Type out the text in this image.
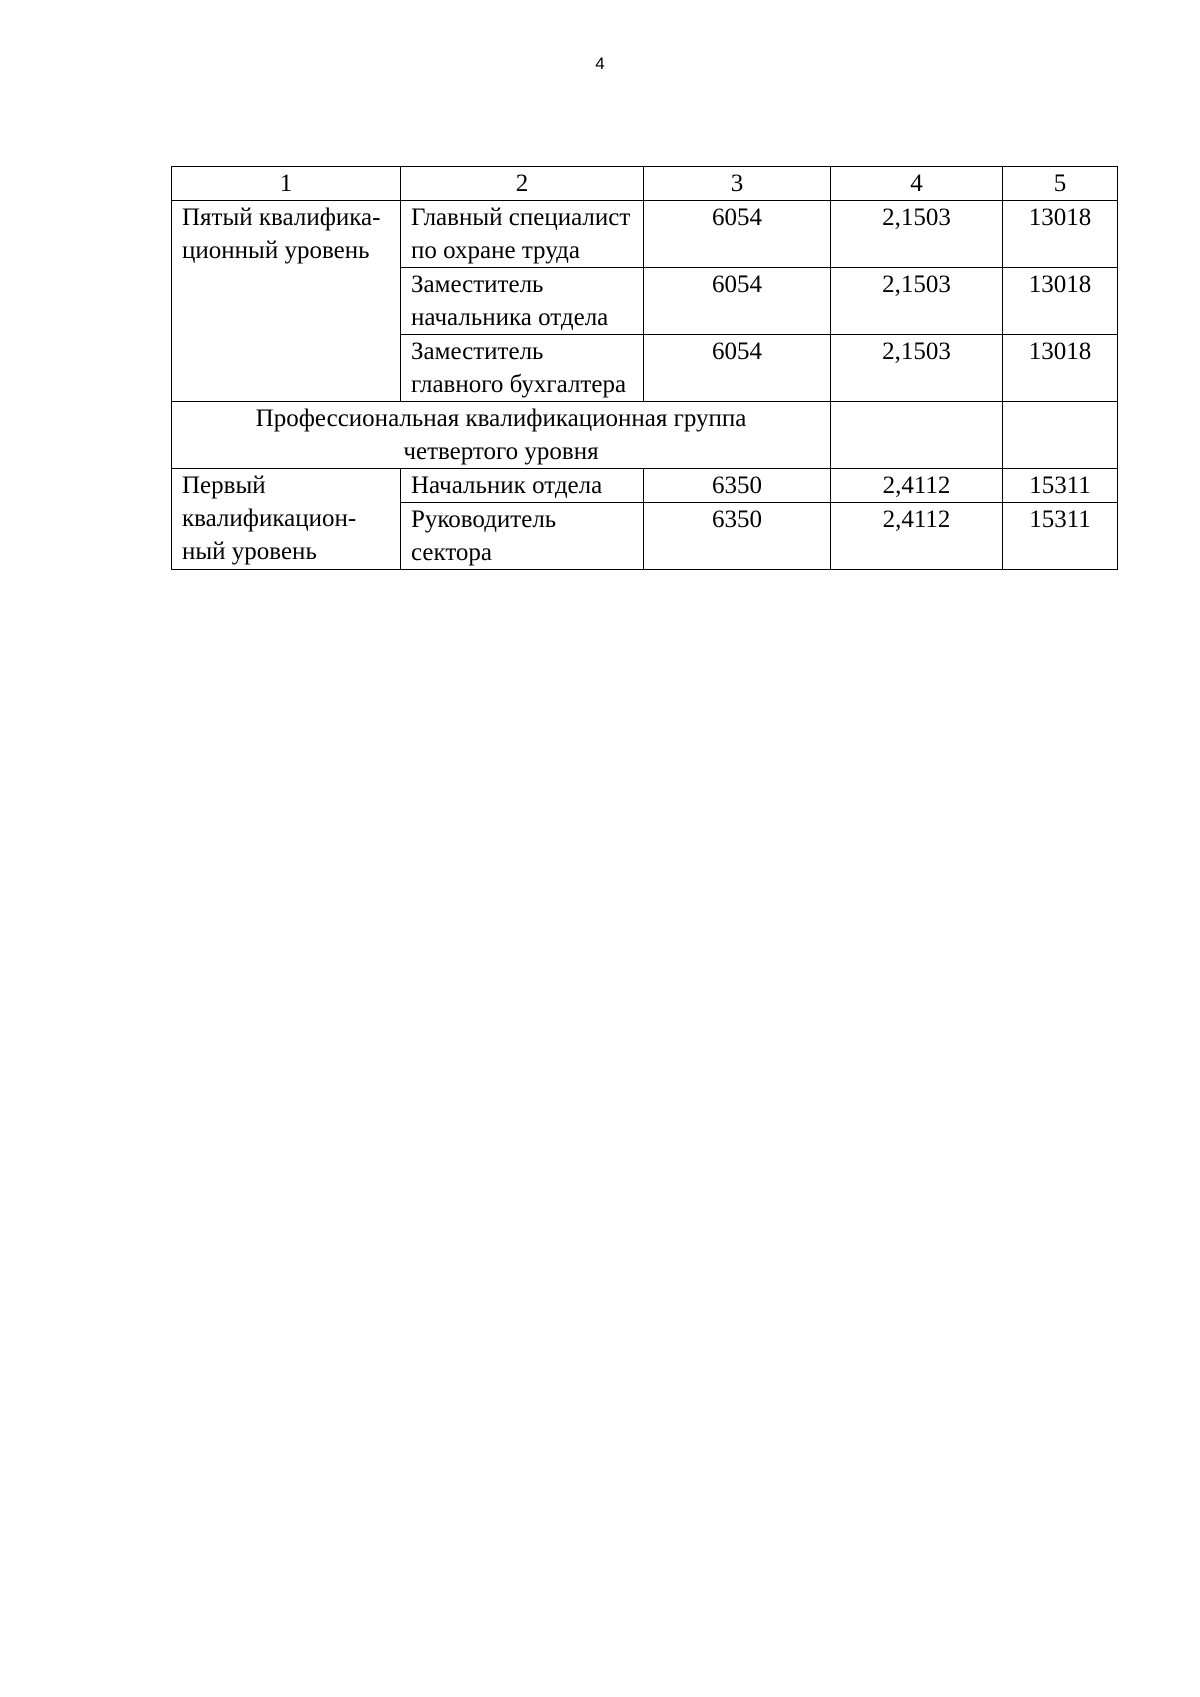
4
1	2	3	4	5
Пятый квалифика-ционный уровень	Главный специалист по охране труда	6054	2,1503	13018
	Заместитель начальника отдела	6054	2,1503	13018
	Заместитель главного бухгалтера	6054	2,1503	13018
Профессиональная квалификационная группа четвертого уровня				
Первый квалификацион-ный уровень	Начальник отдела	6350	2,4112	15311
	Руководитель сектора	6350	2,4112	15311
